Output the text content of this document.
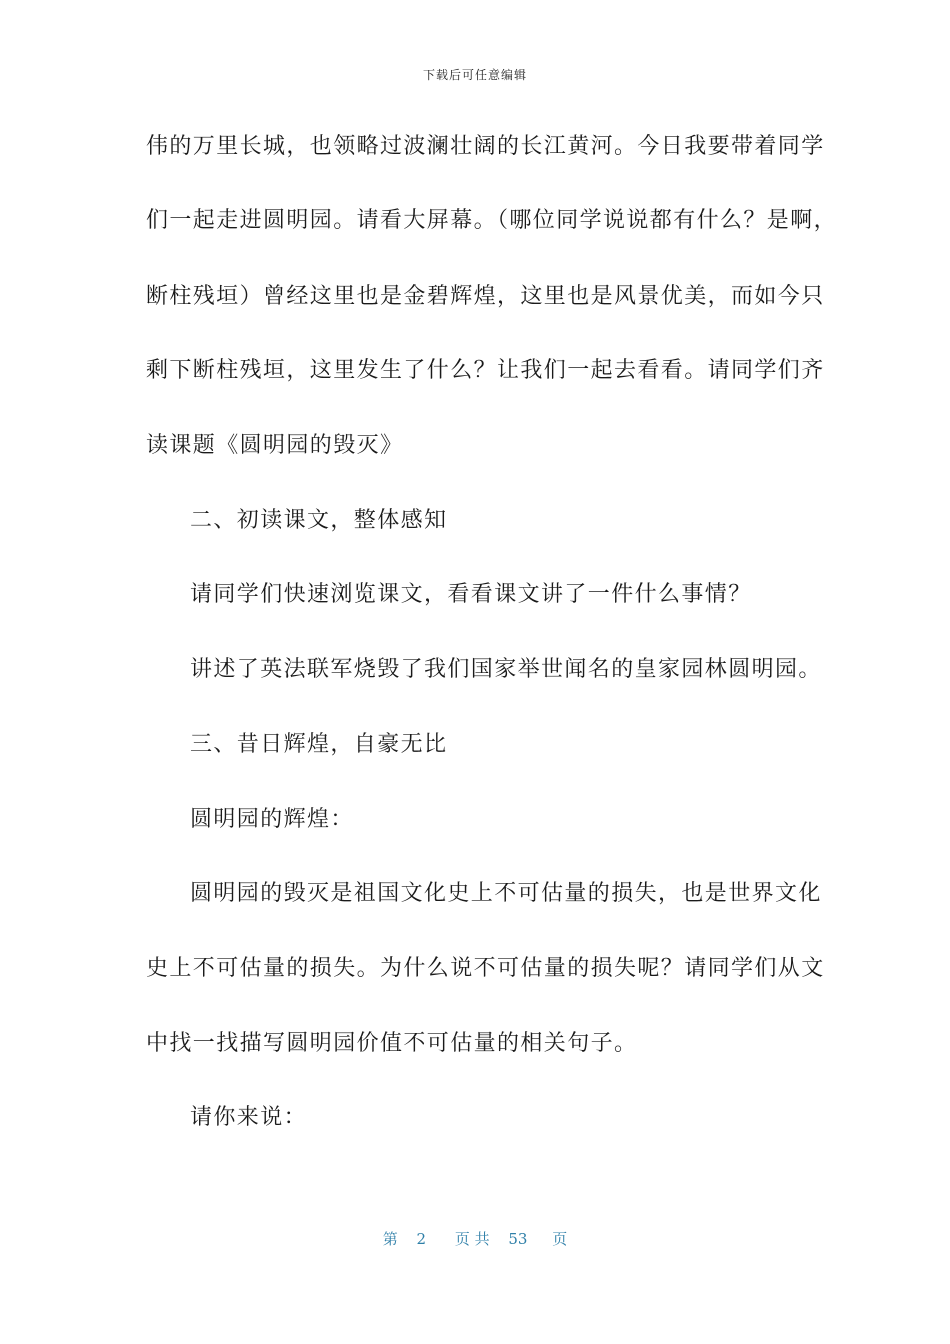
下载后可任意编辑
伟的万里长城，也领略过波澜壮阔的长江黄河。今日我要带着同学
们一起走进圆明园。请看大屏幕。（哪位同学说说都有什么？是啊，
断柱残垣）曾经这里也是金碧辉煌，这里也是风景优美，而如今只
剩下断柱残垣，这里发生了什么？让我们一起去看看。请同学们齐
读课题《圆明园的毁灭》
二、初读课文，整体感知
请同学们快速浏览课文，看看课文讲了一件什么事情？
讲述了英法联军烧毁了我们国家举世闻名的皇家园林圆明园。
三、昔日辉煌，自豪无比
圆明园的辉煌：
圆明园的毁灭是祖国文化史上不可估量的损失，也是世界文化
史上不可估量的损失。为什么说不可估量的损失呢？请同学们从文
中找一找描写圆明园价值不可估量的相关句子。
请你来说：
第 2 页 共 53 页
